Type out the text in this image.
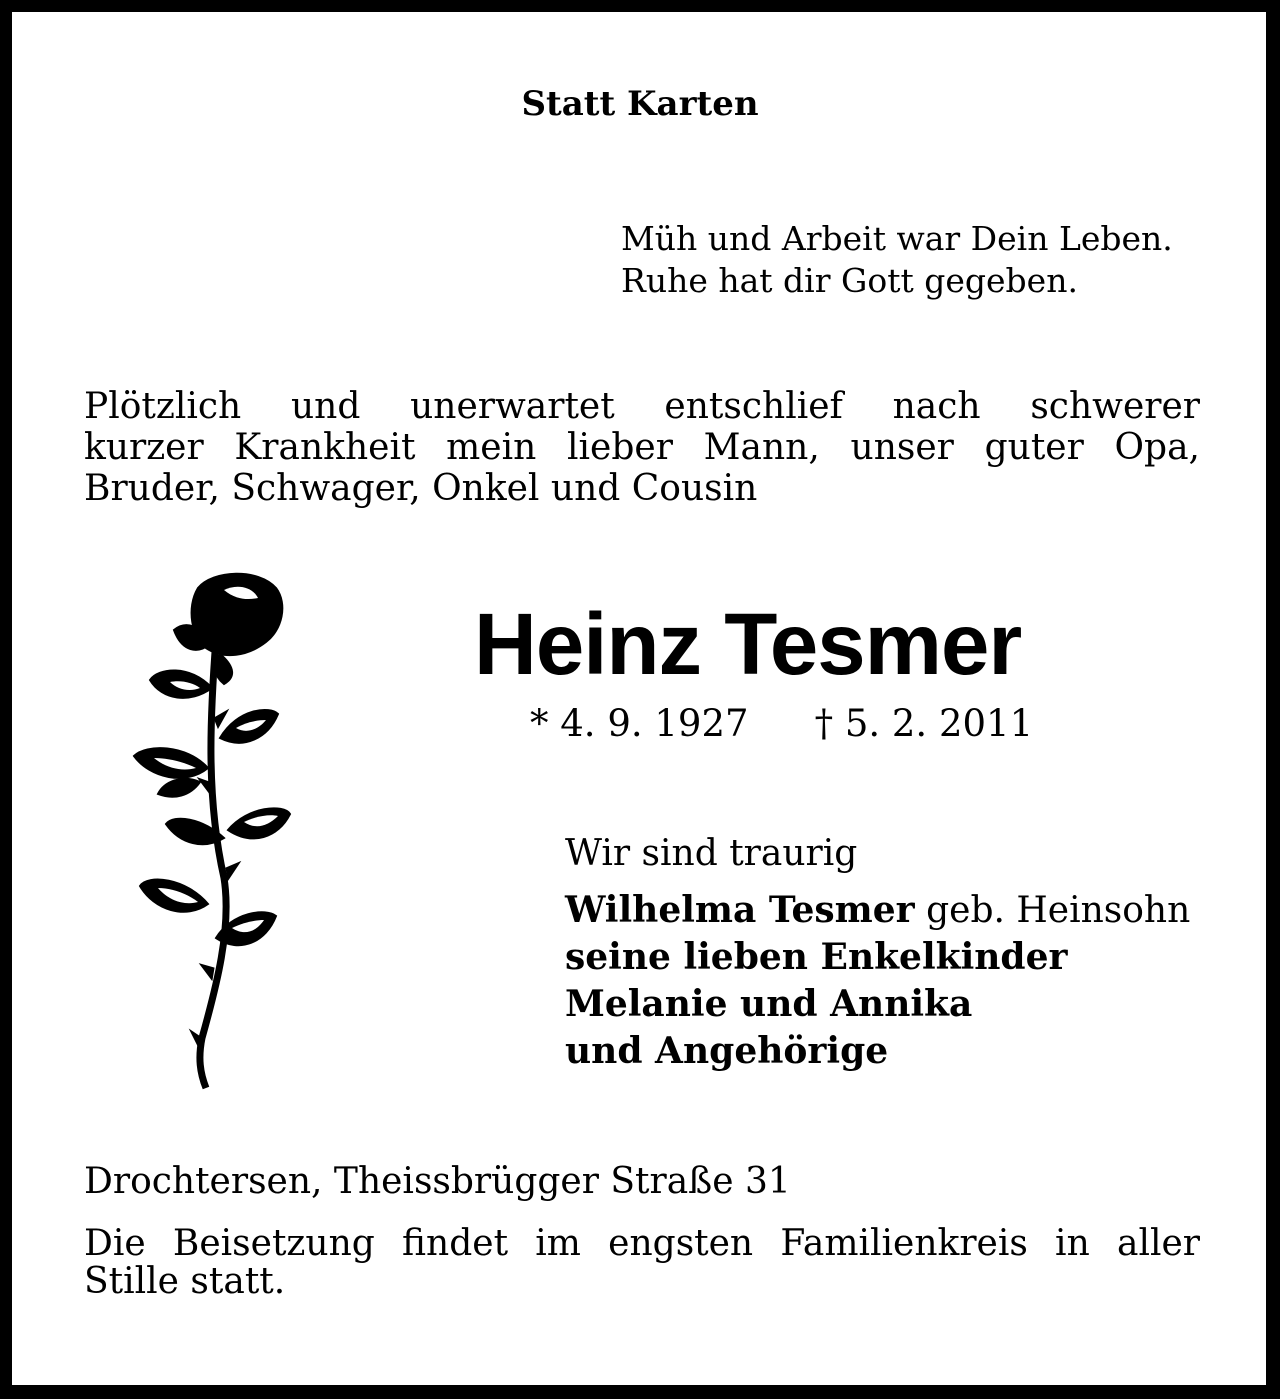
Statt Karten
Müh und Arbeit war Dein Leben.
Ruhe hat dir Gott gegeben.
Plötzlich und unerwartet entschlief nach schwerer
kurzer Krankheit mein lieber Mann, unser guter Opa,
Bruder, Schwager, Onkel und Cousin
Heinz Tesmer
* 4. 9. 1927 † 5. 2. 2011
Wir sind traurig
Wilhelma Tesmer geb. Heinsohn
seine lieben Enkelkinder
Melanie und Annika
und Angehörige
Drochtersen, Theissbrügger Straße 31
Die Beisetzung findet im engsten Familienkreis in aller
Stille statt.
